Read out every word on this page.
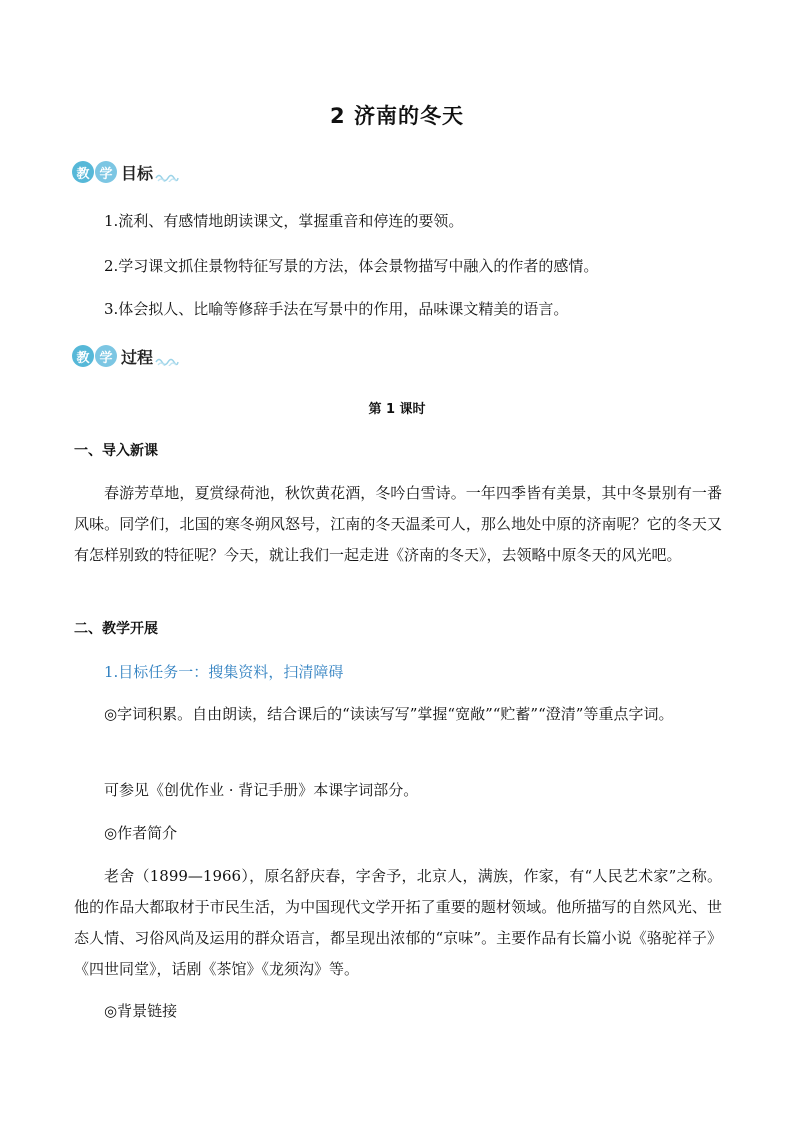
2 济南的冬天
教 学 目标
1.流利、有感情地朗读课文，掌握重音和停连的要领。
2.学习课文抓住景物特征写景的方法，体会景物描写中融入的作者的感情。
3.体会拟人、比喻等修辞手法在写景中的作用，品味课文精美的语言。
教 学 过程
第 1 课时
一、导入新课
春游芳草地，夏赏绿荷池，秋饮黄花酒，冬吟白雪诗。一年四季皆有美景，其中冬景别有一番风味。同学们，北国的寒冬朔风怒号，江南的冬天温柔可人，那么地处中原的济南呢？它的冬天又有怎样别致的特征呢？今天，就让我们一起走进《济南的冬天》，去领略中原冬天的风光吧。
二、教学开展
1.目标任务一：搜集资料，扫清障碍
◎字词积累。自由朗读，结合课后的“读读写写”掌握“宽敞”“贮蓄”“澄清”等重点字词。
可参见《创优作业 · 背记手册》本课字词部分。
◎作者简介
老舍（1899—1966），原名舒庆春，字舍予，北京人，满族，作家，有“人民艺术家”之称。他的作品大都取材于市民生活，为中国现代文学开拓了重要的题材领域。他所描写的自然风光、世态人情、习俗风尚及运用的群众语言，都呈现出浓郁的“京味”。主要作品有长篇小说《骆驼祥子》《四世同堂》，话剧《茶馆》《龙须沟》等。
◎背景链接
